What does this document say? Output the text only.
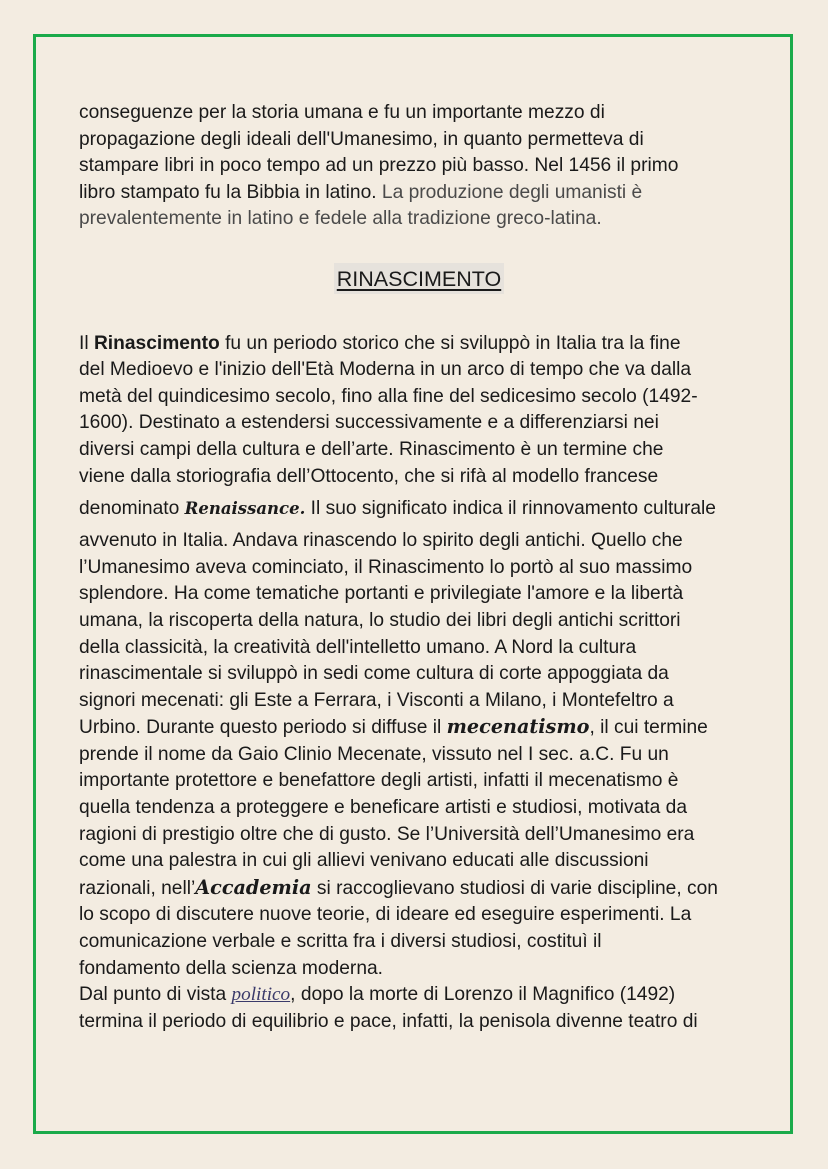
conseguenze per la storia umana e fu un importante mezzo di
propagazione degli ideali dell'Umanesimo, in quanto permetteva di
stampare libri in poco tempo ad un prezzo più basso. Nel 1456 il primo
libro stampato fu la Bibbia in latino. La produzione degli umanisti è
prevalentemente in latino e fedele alla tradizione greco-latina.

RINASCIMENTO

Il Rinascimento fu un periodo storico che si sviluppò in Italia tra la fine
del Medioevo e l'inizio dell'Età Moderna in un arco di tempo che va dalla
metà del quindicesimo secolo, fino alla fine del sedicesimo secolo (1492-
1600). Destinato a estendersi successivamente e a differenziarsi nei
diversi campi della cultura e dell’arte. Rinascimento è un termine che
viene dalla storiografia dell’Ottocento, che si rifà al modello francese
denominato Renaissance. Il suo significato indica il rinnovamento culturale
avvenuto in Italia. Andava rinascendo lo spirito degli antichi. Quello che
l’Umanesimo aveva cominciato, il Rinascimento lo portò al suo massimo
splendore. Ha come tematiche portanti e privilegiate l'amore e la libertà
umana, la riscoperta della natura, lo studio dei libri degli antichi scrittori
della classicità, la creatività dell'intelletto umano. A Nord la cultura
rinascimentale si sviluppò in sedi come cultura di corte appoggiata da
signori mecenati: gli Este a Ferrara, i Visconti a Milano, i Montefeltro a
Urbino. Durante questo periodo si diffuse il mecenatismo, il cui termine
prende il nome da Gaio Clinio Mecenate, vissuto nel I sec. a.C. Fu un
importante protettore e benefattore degli artisti, infatti il mecenatismo è
quella tendenza a proteggere e beneficare artisti e studiosi, motivata da
ragioni di prestigio oltre che di gusto. Se l’Università dell’Umanesimo era
come una palestra in cui gli allievi venivano educati alle discussioni
razionali, nell’Accademia si raccoglievano studiosi di varie discipline, con
lo scopo di discutere nuove teorie, di ideare ed eseguire esperimenti. La
comunicazione verbale e scritta fra i diversi studiosi, costituì il
fondamento della scienza moderna.
Dal punto di vista politico, dopo la morte di Lorenzo il Magnifico (1492)
termina il periodo di equilibrio e pace, infatti, la penisola divenne teatro di
